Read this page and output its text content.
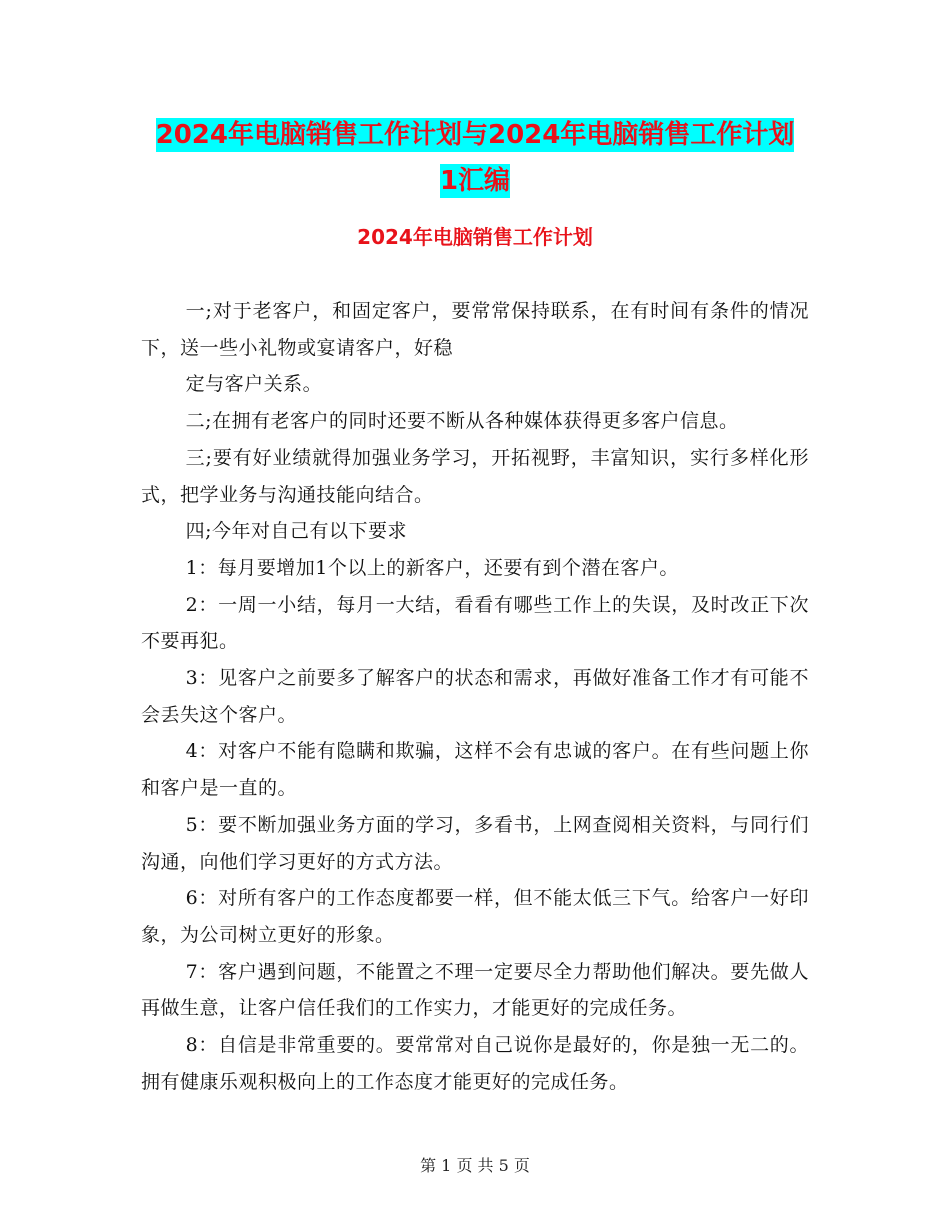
2024年电脑销售工作计划与2024年电脑销售工作计划
1汇编
2024年电脑销售工作计划

一;对于老客户，和固定客户，要常常保持联系，在有时间有条件的情况下，送一些小礼物或宴请客户，好稳

定与客户关系。

二;在拥有老客户的同时还要不断从各种媒体获得更多客户信息。

三;要有好业绩就得加强业务学习，开拓视野，丰富知识，实行多样化形式，把学业务与沟通技能向结合。

四;今年对自己有以下要求

1：每月要增加1个以上的新客户，还要有到个潜在客户。

2：一周一小结，每月一大结，看看有哪些工作上的失误，及时改正下次不要再犯。

3：见客户之前要多了解客户的状态和需求，再做好准备工作才有可能不会丢失这个客户。

4：对客户不能有隐瞒和欺骗，这样不会有忠诚的客户。在有些问题上你和客户是一直的。

5：要不断加强业务方面的学习，多看书，上网查阅相关资料，与同行们沟通，向他们学习更好的方式方法。

6：对所有客户的工作态度都要一样，但不能太低三下气。给客户一好印象，为公司树立更好的形象。

7：客户遇到问题，不能置之不理一定要尽全力帮助他们解决。要先做人再做生意，让客户信任我们的工作实力，才能更好的完成任务。

8：自信是非常重要的。要常常对自己说你是最好的，你是独一无二的。拥有健康乐观积极向上的工作态度才能更好的完成任务。

第 1 页 共 5 页
